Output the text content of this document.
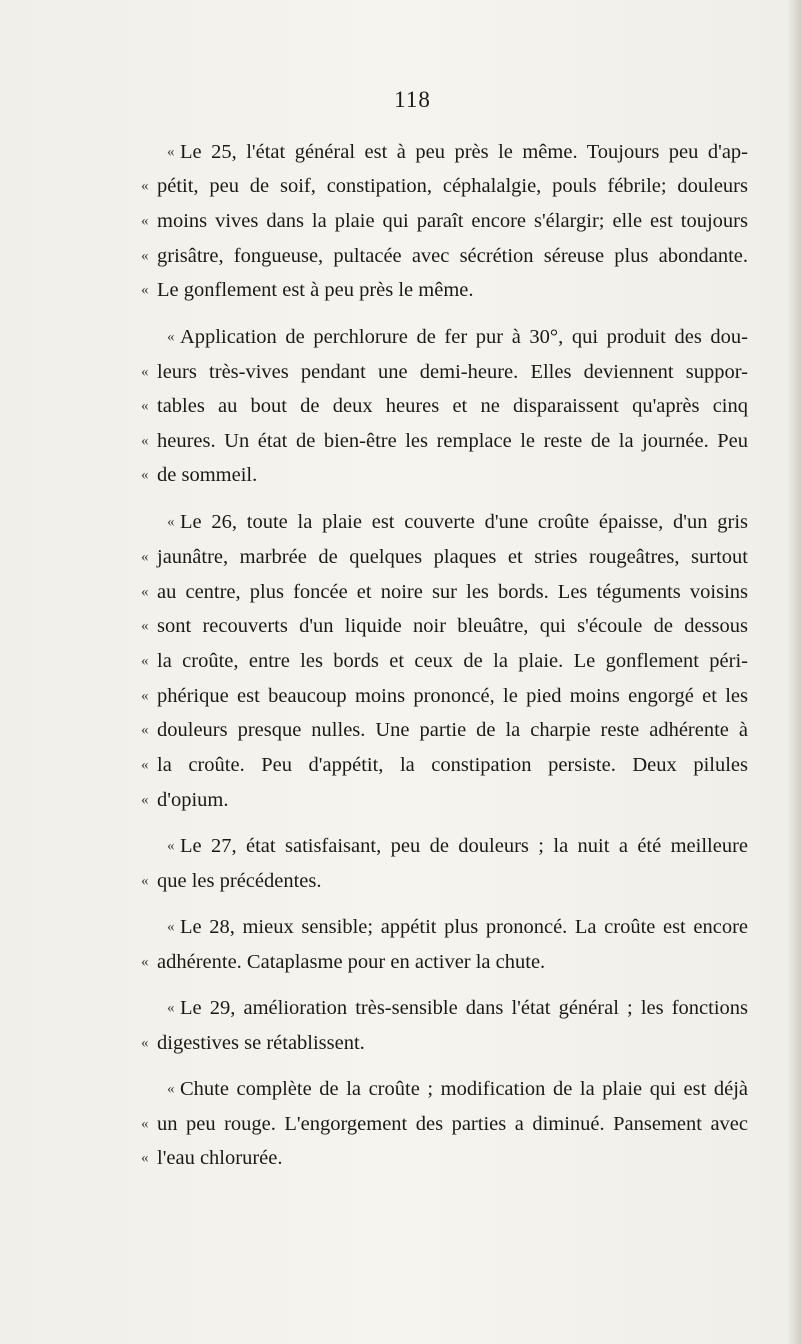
118
« Le 25, l'état général est à peu près le même. Toujours peu d'ap-
« pétit, peu de soif, constipation, céphalalgie, pouls fébrile; douleurs
« moins vives dans la plaie qui paraît encore s'élargir; elle est toujours
« grisâtre, fongueuse, pultacée avec sécrétion séreuse plus abondante.
« Le gonflement est à peu près le même.
« Application de perchlorure de fer pur à 30°, qui produit des dou-
« leurs très-vives pendant une demi-heure. Elles deviennent suppor-
« tables au bout de deux heures et ne disparaissent qu'après cinq
« heures. Un état de bien-être les remplace le reste de la journée. Peu
« de sommeil.
« Le 26, toute la plaie est couverte d'une croûte épaisse, d'un gris
« jaunâtre, marbrée de quelques plaques et stries rougeâtres, surtout
« au centre, plus foncée et noire sur les bords. Les téguments voisins
« sont recouverts d'un liquide noir bleuâtre, qui s'écoule de dessous
« la croûte, entre les bords et ceux de la plaie. Le gonflement péri-
« phérique est beaucoup moins prononcé, le pied moins engorgé et les
« douleurs presque nulles. Une partie de la charpie reste adhérente à
« la croûte. Peu d'appétit, la constipation persiste. Deux pilules
« d'opium.
« Le 27, état satisfaisant, peu de douleurs ; la nuit a été meilleure
« que les précédentes.
« Le 28, mieux sensible; appétit plus prononcé. La croûte est encore
« adhérente. Cataplasme pour en activer la chute.
« Le 29, amélioration très-sensible dans l'état général ; les fonctions
« digestives se rétablissent.
« Chute complète de la croûte ; modification de la plaie qui est déjà
« un peu rouge. L'engorgement des parties a diminué. Pansement avec
« l'eau chlorurée.
